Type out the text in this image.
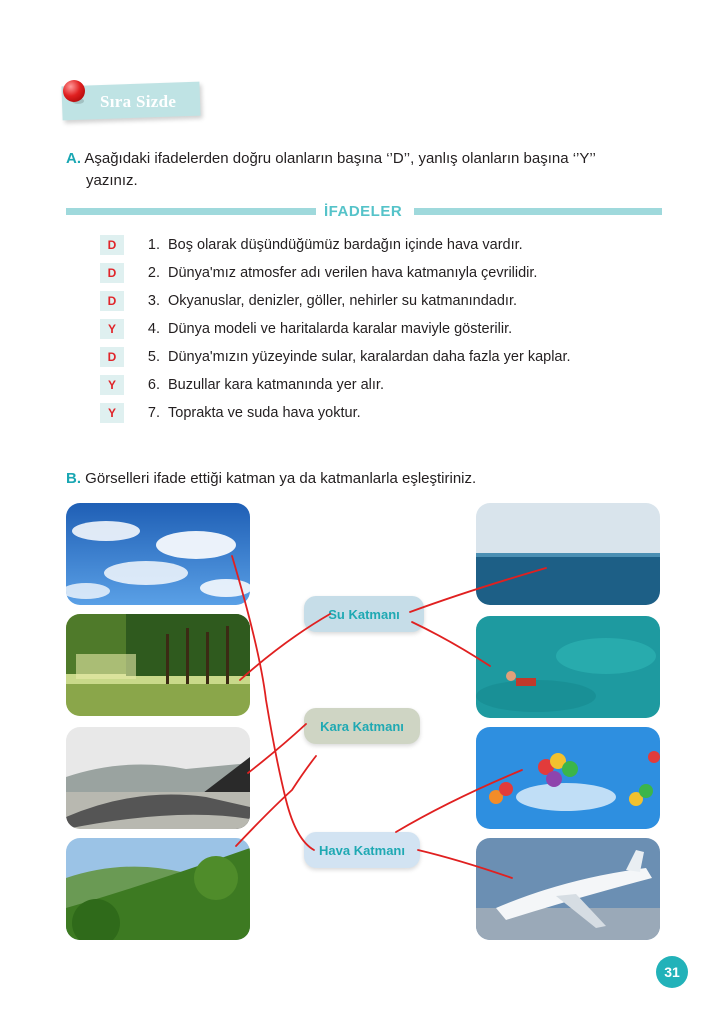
Sıra Sizde
A. Aşağıdaki ifadelerden doğru olanların başına ‘’D’’, yanlış olanların başına ‘’Y’’
yazınız.
İFADELER
D	1. Boş olarak düşündüğümüz bardağın içinde hava vardır.
D	2. Dünya'mız atmosfer adı verilen hava katmanıyla çevrilidir.
D	3. Okyanuslar, denizler, göller, nehirler su katmanındadır.
Y	4. Dünya modeli ve haritalarda karalar maviyle gösterilir.
D	5. Dünya'mızın yüzeyinde sular, karalardan daha fazla yer kaplar.
Y	6. Buzullar kara katmanında yer alır.
Y	7. Toprakta ve suda hava yoktur.
B. Görselleri ifade ettiği katman ya da katmanlarla eşleştiriniz.
Su Katmanı
Kara Katmanı
Hava Katmanı
31
